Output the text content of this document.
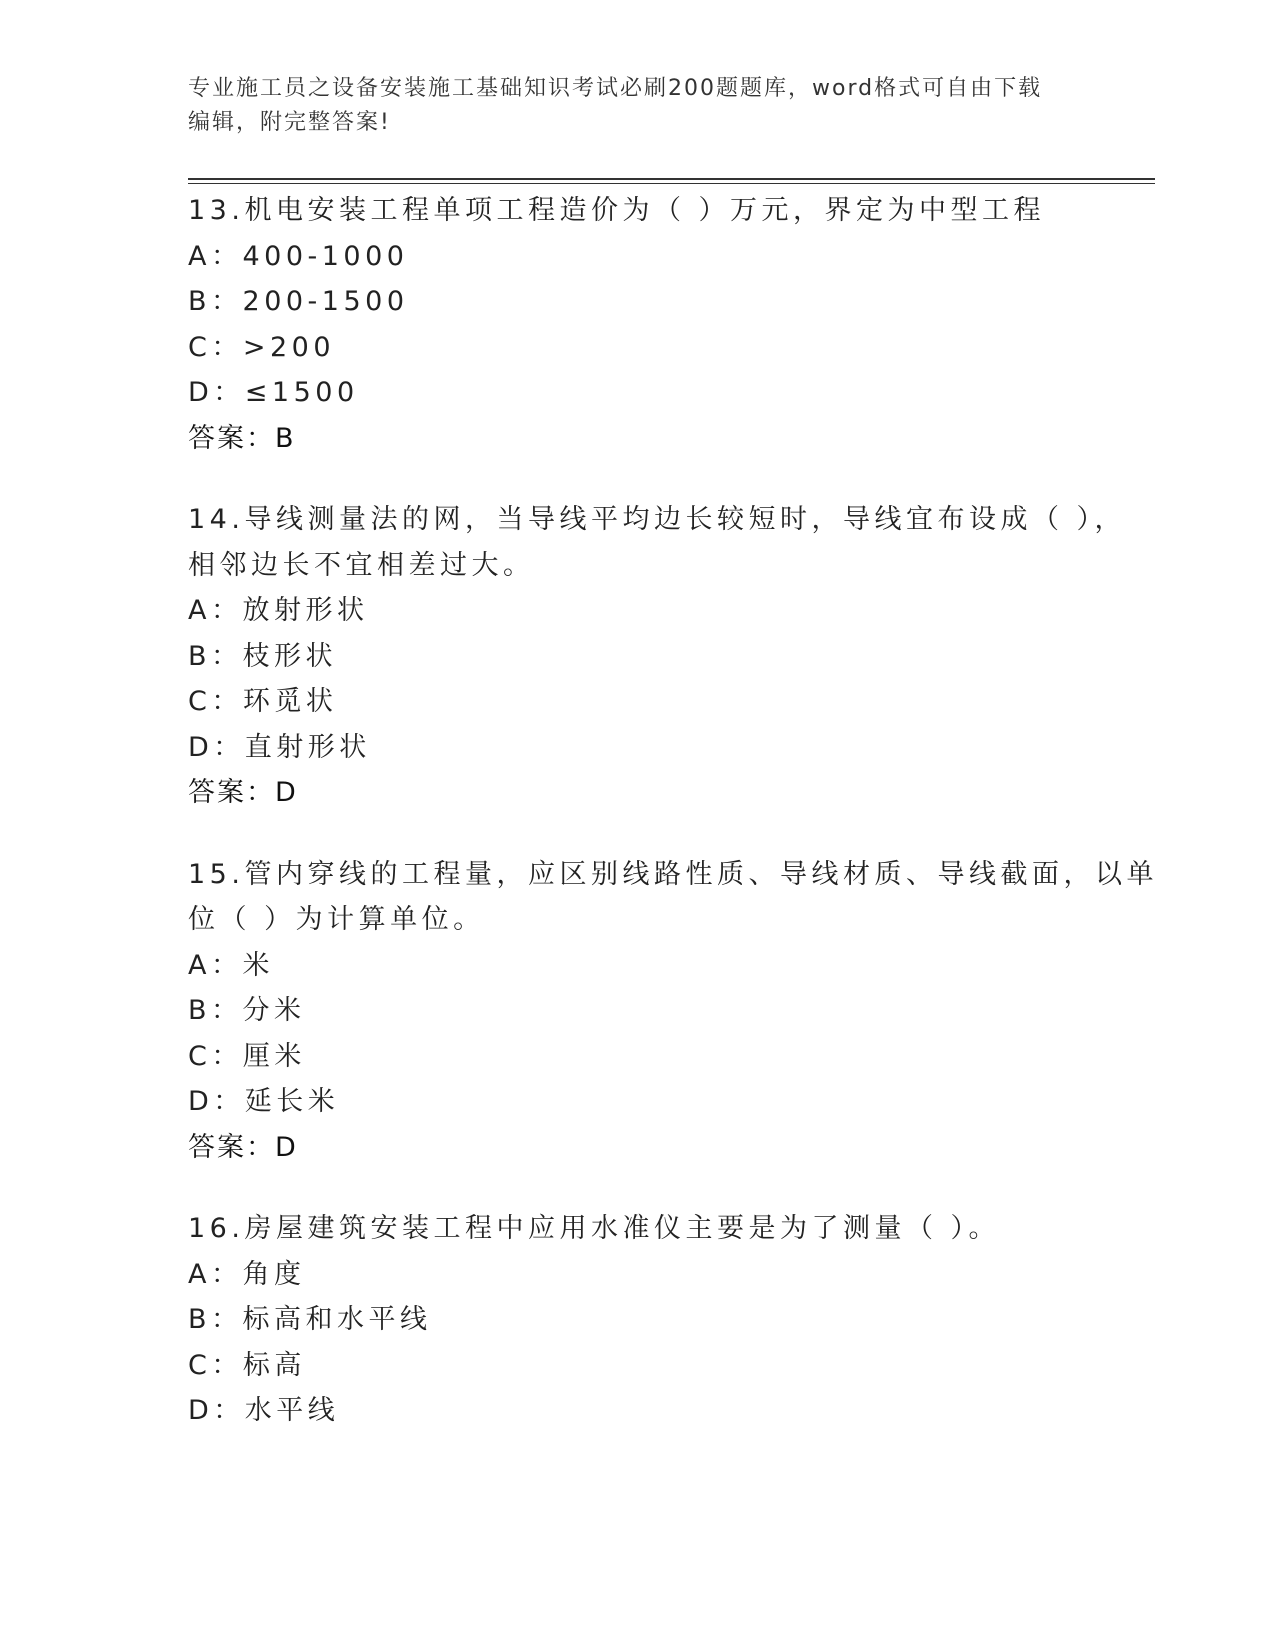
专业施工员之设备安装施工基础知识考试必刷200题题库，word格式可自由下载
编辑，附完整答案!
13.机电安装工程单项工程造价为（ ）万元，界定为中型工程
A：400-1000
B：200-1500
C：>200
D：≤1500
答案：B
14.导线测量法的网，当导线平均边长较短时，导线宜布设成（ ），
相邻边长不宜相差过大。
A：放射形状
B：枝形状
C：环觅状
D：直射形状
答案：D
15.管内穿线的工程量，应区别线路性质、导线材质、导线截面，以单
位（ ）为计算单位。
A：米
B：分米
C：厘米
D：延长米
答案：D
16.房屋建筑安装工程中应用水准仪主要是为了测量（ ）。
A：角度
B：标高和水平线
C：标高
D：水平线
